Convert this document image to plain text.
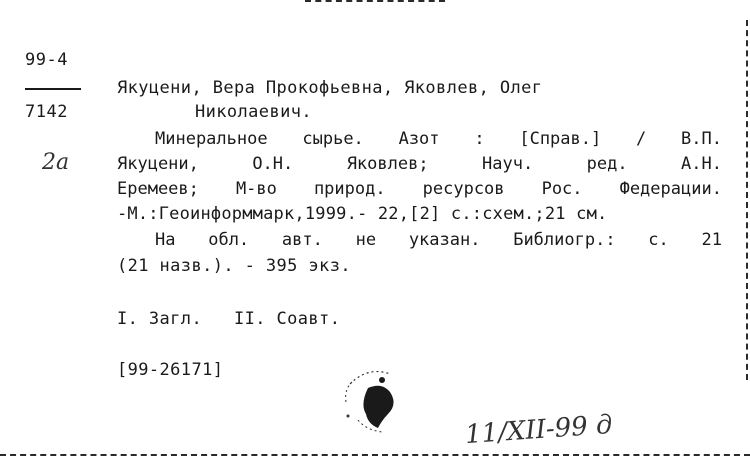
99-4
7142
2а
Якуцени, Вера Прокофьевна, Яковлев, Олег
Николаевич.
Минеральное сырье. Азот : [Справ.] / В.П.
Якуцени,	О.Н.	Яковлев;	Науч.	ред.	А.Н.
Еремеев; М-во природ. ресурсов Рос. Федерации.
-М.:Геоинформмарк,1999.- 22,[2] с.:схем.;21 см.
На обл. авт. не указан. Библиогр.: с. 21
(21 назв.). - 395 экз.
I. Загл.   II. Соавт.
[99-26171]
11/XII-99 д
